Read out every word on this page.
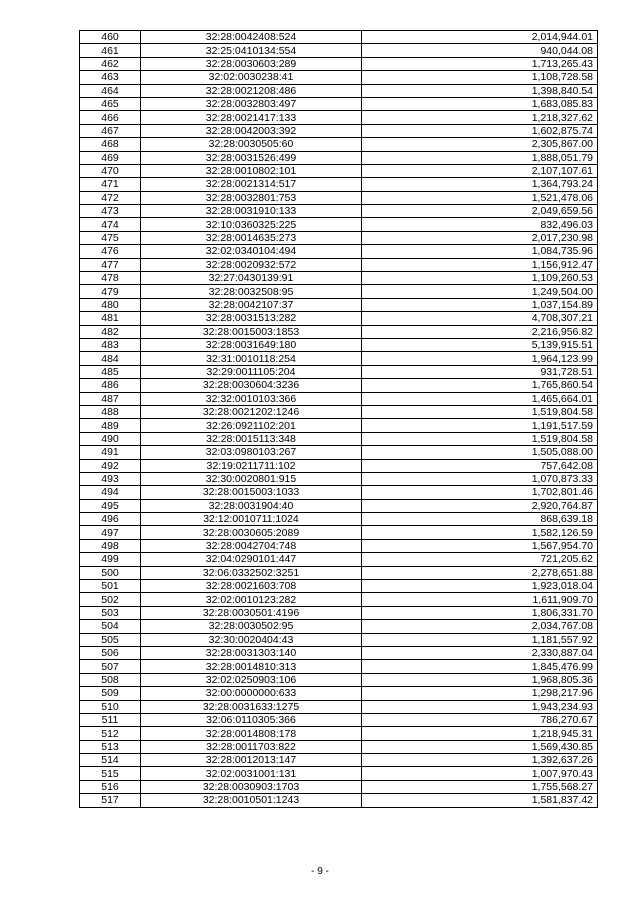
460	32:28:0042408:524	2,014,944.01
461	32:25:0410134:554	940,044.08
462	32:28:0030603:289	1,713,265.43
463	32:02:0030238:41	1,108,728.58
464	32:28:0021208:486	1,398,840.54
465	32:28:0032803:497	1,683,085.83
466	32:28:0021417:133	1,218,327.62
467	32:28:0042003:392	1,602,875.74
468	32:28:0030505:60	2,305,867.00
469	32:28:0031526:499	1,888,051.79
470	32:28:0010802:101	2,107,107.61
471	32:28:0021314:517	1,364,793.24
472	32:28:0032801:753	1,521,478.06
473	32:28:0031910:133	2,049,659.56
474	32:10:0360325:225	832,496.03
475	32:28:0014635:273	2,017,230.98
476	32:02:0340104:494	1,084,735.96
477	32:28:0020932:572	1,156,912.47
478	32:27:0430139:91	1,109,260.53
479	32:28:0032508:95	1,249,504.00
480	32:28:0042107:37	1,037,154.89
481	32:28:0031513:282	4,708,307.21
482	32:28:0015003:1853	2,216,956.82
483	32:28:0031649:180	5,139,915.51
484	32:31:0010118:254	1,964,123.99
485	32:29:0011105:204	931,728.51
486	32:28:0030604:3236	1,765,860.54
487	32:32:0010103:366	1,465,664.01
488	32:28:0021202:1246	1,519,804.58
489	32:26:0921102:201	1,191,517.59
490	32:28:0015113:348	1,519,804.58
491	32:03:0980103:267	1,505,088.00
492	32:19:0211711:102	757,642.08
493	32:30:0020801:915	1,070,873.33
494	32:28:0015003:1033	1,702,801.46
495	32:28:0031904:40	2,920,764.87
496	32:12:0010711:1024	868,639.18
497	32:28:0030605:2089	1,582,126.59
498	32:28:0042704:748	1,567,954.70
499	32:04:0290101:447	721,205.62
500	32:06:0332502:3251	2,278,651.88
501	32:28:0021603:708	1,923,018.04
502	32:02:0010123:282	1,611,909.70
503	32:28:0030501:4196	1,806,331.70
504	32:28:0030502:95	2,034,767.08
505	32:30:0020404:43	1,181,557.92
506	32:28:0031303:140	2,330,887.04
507	32:28:0014810:313	1,845,476.99
508	32:02:0250903:106	1,968,805.36
509	32:00:0000000:633	1,298,217.96
510	32:28:0031633:1275	1,943,234.93
511	32:06:0110305:366	786,270.67
512	32:28:0014808:178	1,218,945.31
513	32:28:0011703:822	1,569,430.85
514	32:28:0012013:147	1,392,637.26
515	32:02:0031001:131	1,007,970.43
516	32:28:0030903:1703	1,755,568.27
517	32:28:0010501:1243	1,581,837.42
- 9 -
